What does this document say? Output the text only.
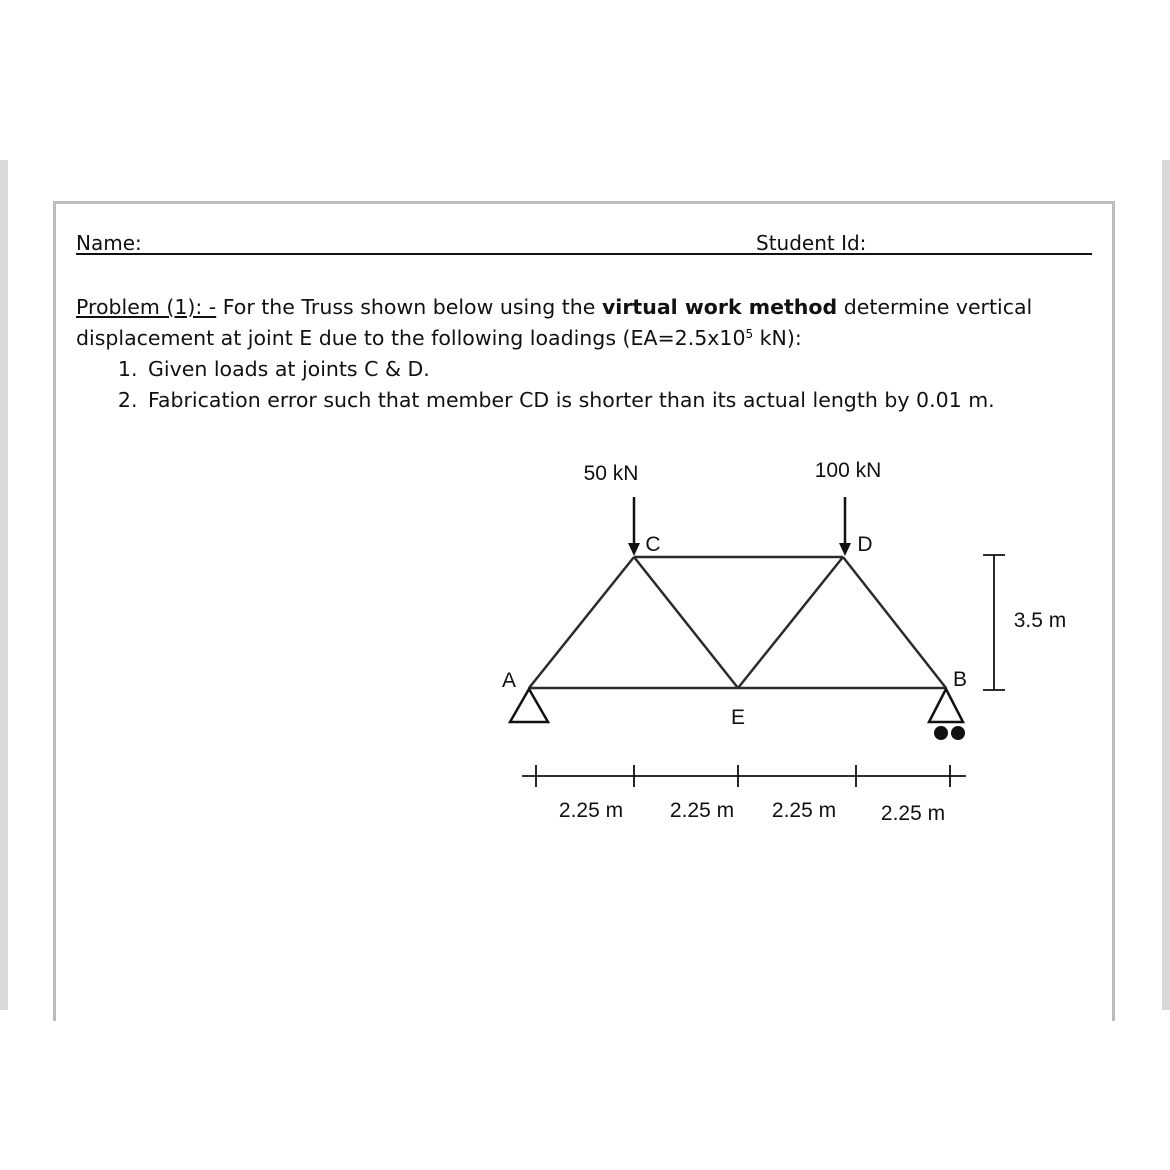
Name:	Student Id:
Problem (1): - For the Truss shown below using the virtual work method determine vertical displacement at joint E due to the following loadings ($EA=2.5x10^5$ kN):
1. Given loads at joints C & D.
2. Fabrication error such that member CD is shorter than its actual length by 0.01 m.
50 kN	100 kN
A	B
C	D
E
3.5 m
2.25 m 2.25 m 2.25 m 2.25 m
